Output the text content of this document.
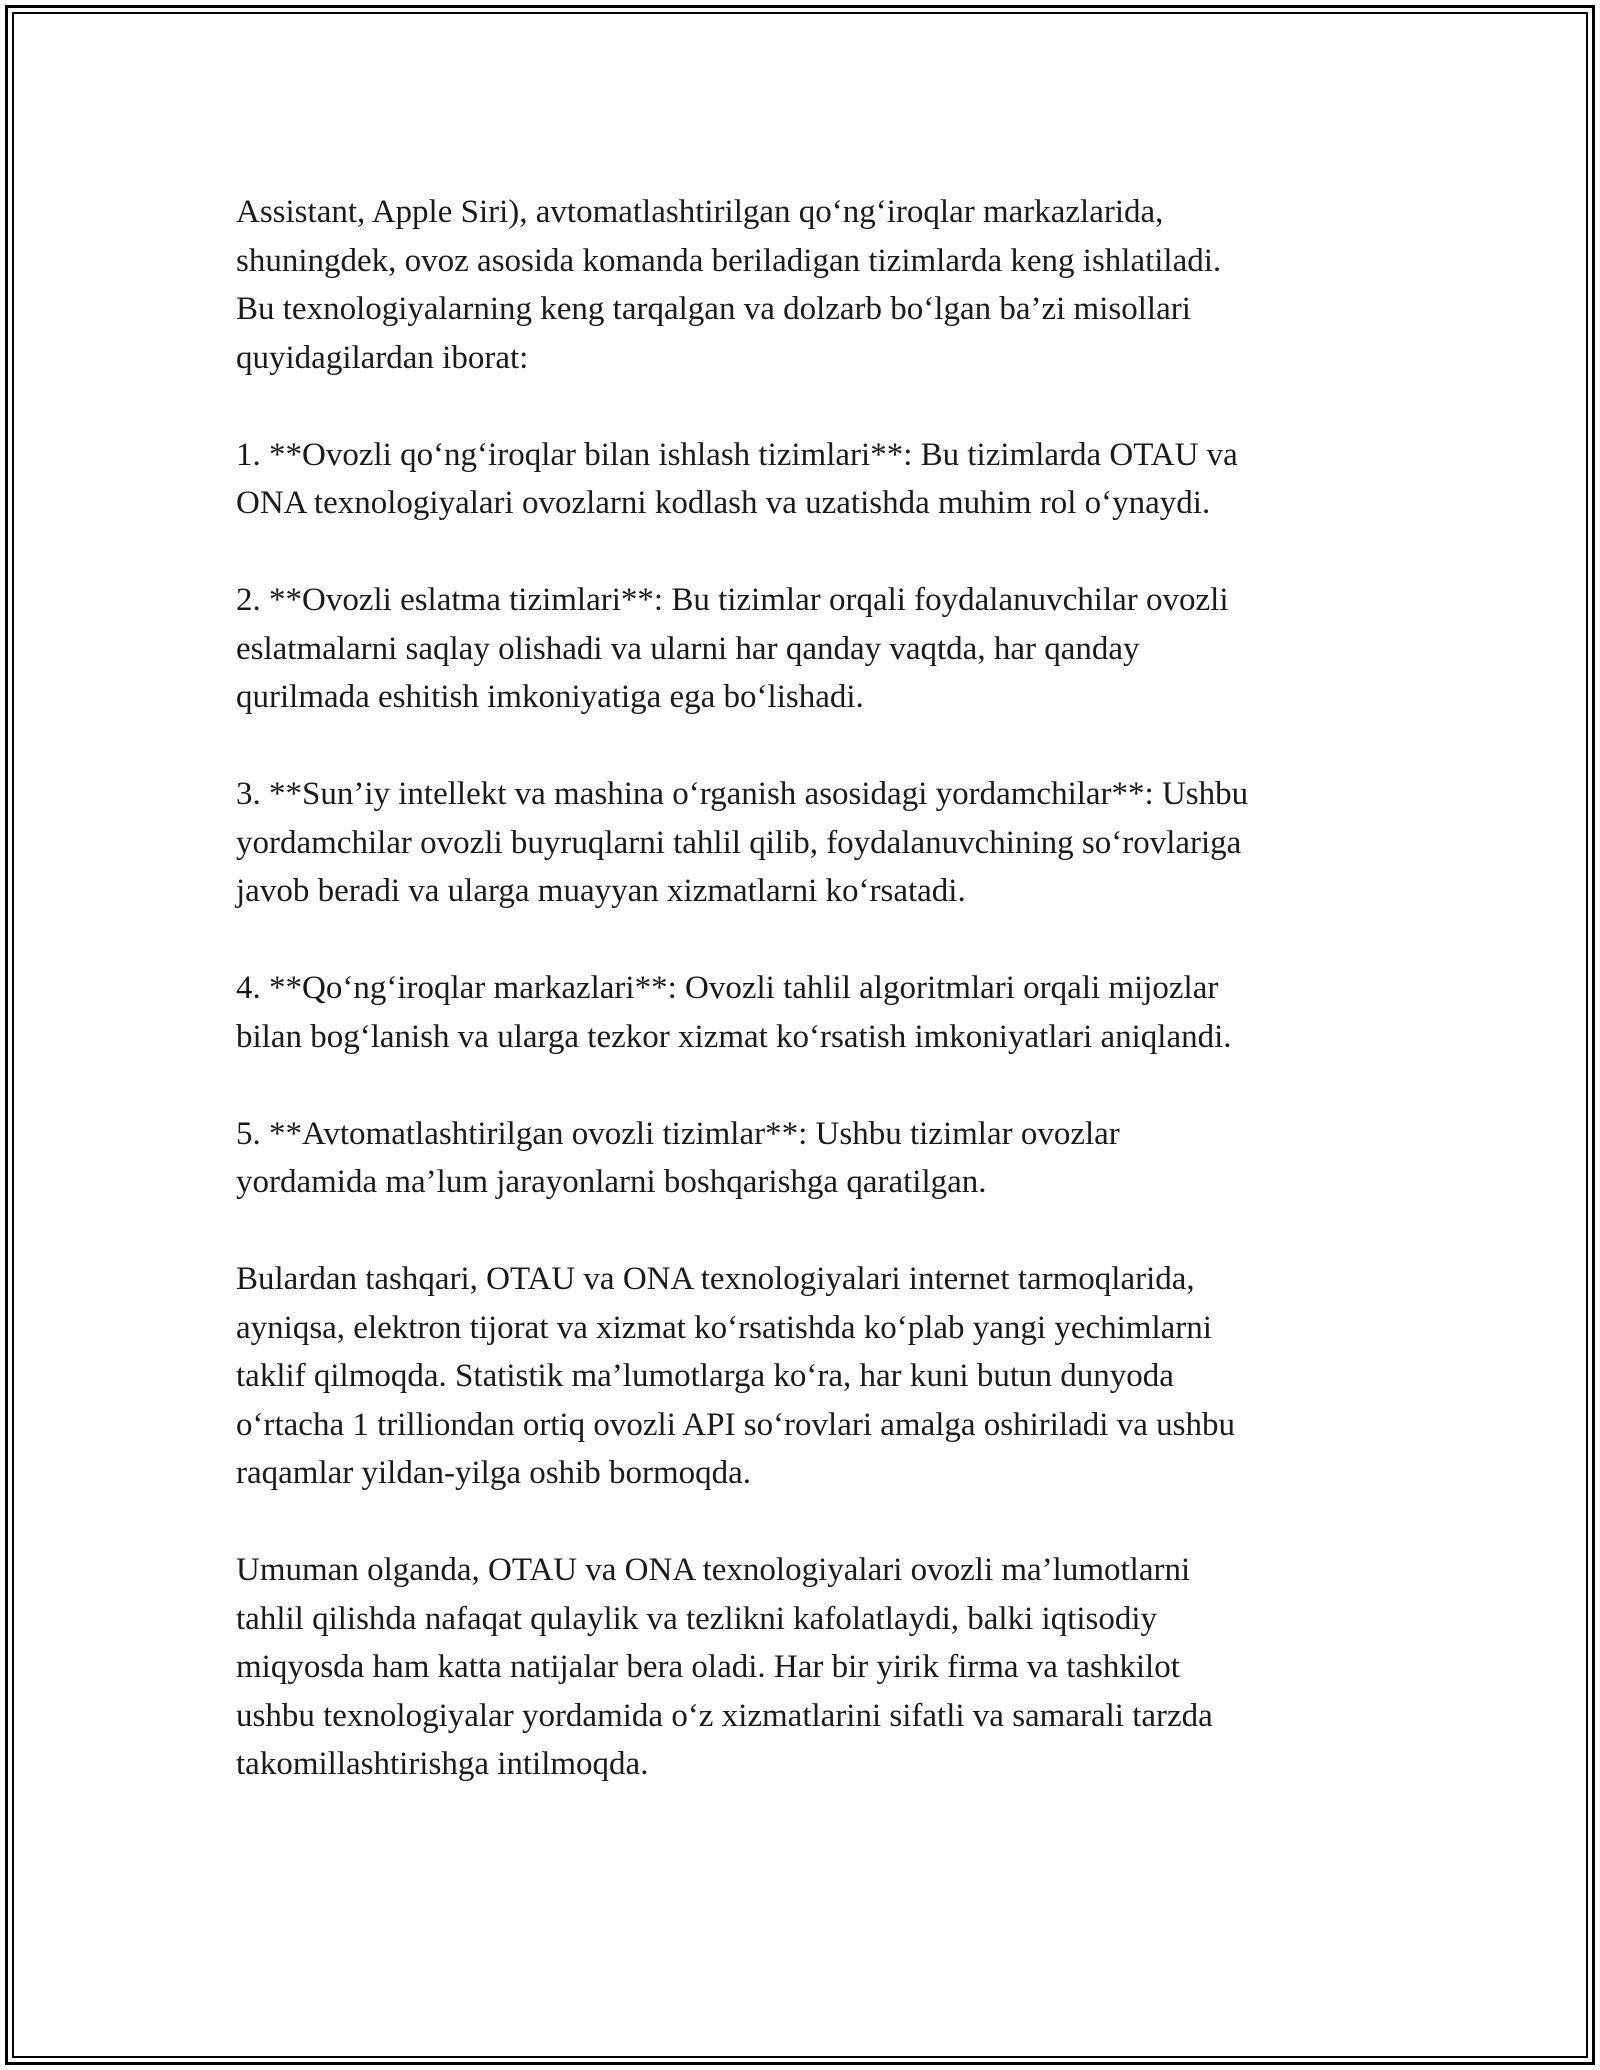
Assistant, Apple Siri), avtomatlashtirilgan qo‘ng‘iroqlar markazlarida,
shuningdek, ovoz asosida komanda beriladigan tizimlarda keng ishlatiladi.
Bu texnologiyalarning keng tarqalgan va dolzarb bo‘lgan ba’zi misollari
quyidagilardan iborat:

1. **Ovozli qo‘ng‘iroqlar bilan ishlash tizimlari**: Bu tizimlarda OTAU va
ONA texnologiyalari ovozlarni kodlash va uzatishda muhim rol o‘ynaydi.

2. **Ovozli eslatma tizimlari**: Bu tizimlar orqali foydalanuvchilar ovozli
eslatmalarni saqlay olishadi va ularni har qanday vaqtda, har qanday
qurilmada eshitish imkoniyatiga ega bo‘lishadi.

3. **Sun’iy intellekt va mashina o‘rganish asosidagi yordamchilar**: Ushbu
yordamchilar ovozli buyruqlarni tahlil qilib, foydalanuvchining so‘rovlariga
javob beradi va ularga muayyan xizmatlarni ko‘rsatadi.

4. **Qo‘ng‘iroqlar markazlari**: Ovozli tahlil algoritmlari orqali mijozlar
bilan bog‘lanish va ularga tezkor xizmat ko‘rsatish imkoniyatlari aniqlandi.

5. **Avtomatlashtirilgan ovozli tizimlar**: Ushbu tizimlar ovozlar
yordamida ma’lum jarayonlarni boshqarishga qaratilgan.

Bulardan tashqari, OTAU va ONA texnologiyalari internet tarmoqlarida,
ayniqsa, elektron tijorat va xizmat ko‘rsatishda ko‘plab yangi yechimlarni
taklif qilmoqda. Statistik ma’lumotlarga ko‘ra, har kuni butun dunyoda
o‘rtacha 1 trilliondan ortiq ovozli API so‘rovlari amalga oshiriladi va ushbu
raqamlar yildan-yilga oshib bormoqda.

Umuman olganda, OTAU va ONA texnologiyalari ovozli ma’lumotlarni
tahlil qilishda nafaqat qulaylik va tezlikni kafolatlaydi, balki iqtisodiy
miqyosda ham katta natijalar bera oladi. Har bir yirik firma va tashkilot
ushbu texnologiyalar yordamida o‘z xizmatlarini sifatli va samarali tarzda
takomillashtirishga intilmoqda.
